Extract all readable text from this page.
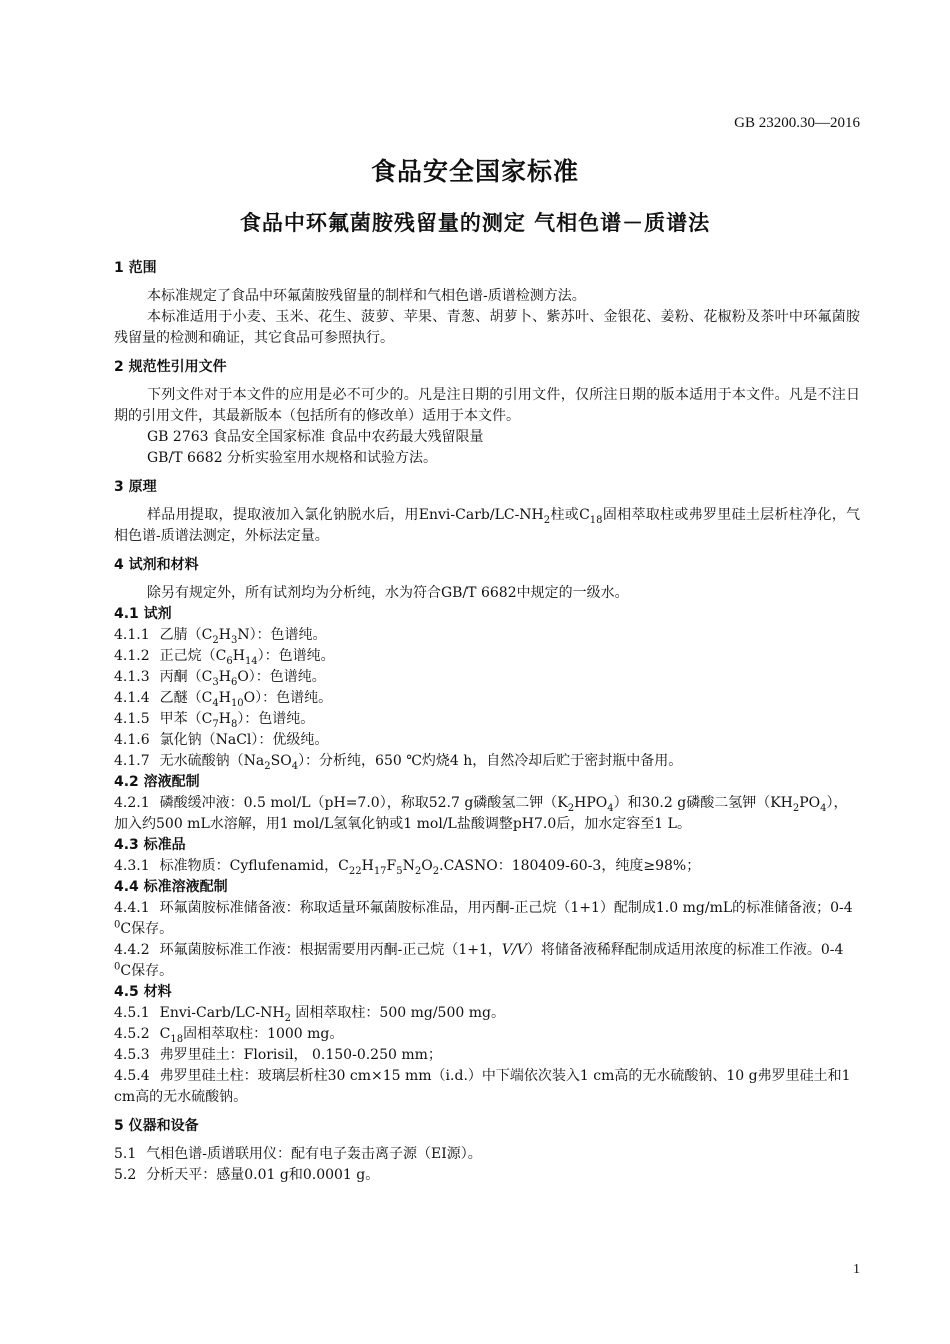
GB 23200.30—2016
食品安全国家标准
食品中环氟菌胺残留量的测定 气相色谱－质谱法
1 范围
本标准规定了食品中环氟菌胺残留量的制样和气相色谱-质谱检测方法。
本标准适用于小麦、玉米、花生、菠萝、苹果、青葱、胡萝卜、紫苏叶、金银花、姜粉、花椒粉及茶叶中环氟菌胺残留量的检测和确证，其它食品可参照执行。
2 规范性引用文件
下列文件对于本文件的应用是必不可少的。凡是注日期的引用文件，仅所注日期的版本适用于本文件。凡是不注日期的引用文件，其最新版本（包括所有的修改单）适用于本文件。
GB 2763 食品安全国家标准 食品中农药最大残留限量
GB/T 6682 分析实验室用水规格和试验方法。
3 原理
样品用提取，提取液加入氯化钠脱水后，用Envi-$Carb/LC-NH_2$柱或$C_{18}$固相萃取柱或弗罗里硅土层析柱净化，气相色谱-质谱法测定，外标法定量。
4 试剂和材料
除另有规定外，所有试剂均为分析纯，水为符合GB/T 6682中规定的一级水。
4.1 试剂
4.1.1 乙腈$(C_2H_3N)$：色谱纯。
4.1.2 正己烷$(C_6H_{14})$：色谱纯。
4.1.3 丙酮$(C_3H_6O)$：色谱纯。
4.1.4 乙醚$(C_4H_{10}O)$：色谱纯。
4.1.5 甲苯$(C_7H_8)$：色谱纯。
4.1.6 氯化钠（NaCl）：优级纯。
4.1.7 无水硫酸钠$(Na_2SO_4)$：分析纯，650 ℃灼烧4 h，自然冷却后贮于密封瓶中备用。
4.2 溶液配制
4.2.1 磷酸缓冲液：0.5 mol/L（pH=7.0），称取52.7 g磷酸氢二钾$(K_2HPO_4)$和30.2 g磷酸二氢钾$(KH_2PO_4)$，加入约500 mL水溶解，用1 mol/L氢氧化钠或1 mol/L盐酸调整pH7.0后，加水定容至1 L。
4.3 标准品
4.3.1 标准物质：Cyflufenamid，$C_{22}H_{17}F_5N_2O_2.CASNO$：180409-60-3，纯度≥98%；
4.4 标准溶液配制
4.4.1 环氟菌胺标准储备液：称取适量环氟菌胺标准品，用丙酮-正己烷（1+1）配制成1.0 mg/mL的标准储备液；0-4 $^0$C保存。
4.4.2 环氟菌胺标准工作液：根据需要用丙酮-正己烷（1+1，V/V）将储备液稀释配制成适用浓度的标准工作液。0-4 $^0$C保存。
4.5 材料
4.5.1 Envi-$Carb/LC-NH_2$ 固相萃取柱：500 mg/500 mg。
4.5.2 $C_{18}$固相萃取柱：1000 mg。
4.5.3 弗罗里硅土：Florisil， 0.150-0.250 mm；
4.5.4 弗罗里硅土柱：玻璃层析柱30 cm×15 mm（i.d.）中下端依次装入1 cm高的无水硫酸钠、10 g弗罗里硅土和1 cm高的无水硫酸钠。
5 仪器和设备
5.1 气相色谱-质谱联用仪：配有电子轰击离子源（EI源）。
5.2 分析天平：感量0.01 g和0.0001 g。
1
